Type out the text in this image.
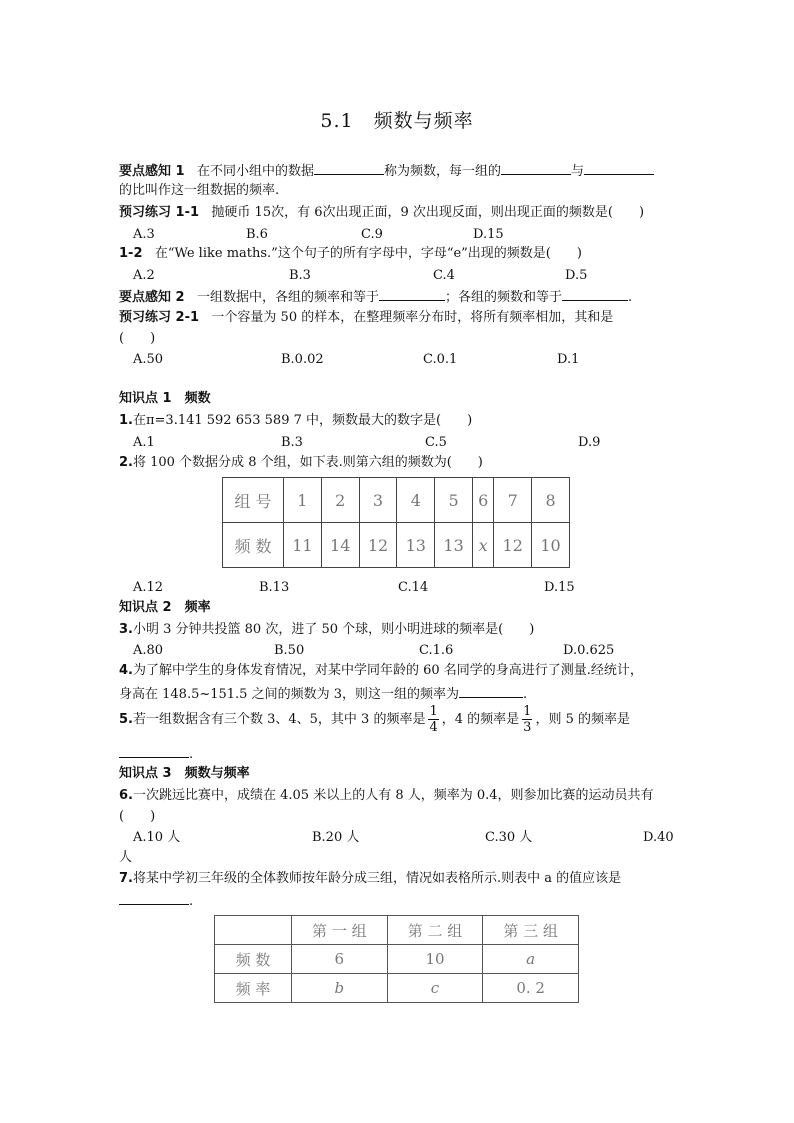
5.1　频数与频率
要点感知 1 在不同小组中的数据	称为频数，每一组的	与
的比叫作这一组数据的频率.
预习练习 1-1 抛硬币 15次，有 6次出现正面，9 次出现反面，则出现正面的频数是(　　)
A.3	B.6	C.9	D.15
1-2 在“We like maths.”这个句子的所有字母中，字母“e”出现的频数是(　　)
A.2	B.3	C.4	D.5
要点感知 2 一组数据中，各组的频率和等于	；各组的频数和等于	.
预习练习 2-1 一个容量为 50 的样本，在整理频率分布时，将所有频率相加，其和是
(　　)
A.50	B.0.02	C.0.1	D.1
知识点 1　频数
1.在π=3.141 592 653 589 7 中，频数最大的数字是(　　)
A.1	B.3	C.5	D.9
2.将 100 个数据分成 8 个组，如下表.则第六组的频数为(　　)
组 号	1	2	3	4	5	6	7	8
频 数	11	14	12	13	13	x	12	10
A.12	B.13	C.14	D.15
知识点 2　频率
3.小明 3 分钟共投篮 80 次，进了 50 个球，则小明进球的频率是(　　)
A.80	B.50	C.1.6	D.0.625
4.为了解中学生的身体发育情况，对某中学同年龄的 60 名同学的身高进行了测量.经统计，
身高在 148.5~151.5 之间的频数为 3，则这一组的频率为	.
5.若一组数据含有三个数 3、4、5，其中 3 的频率是 $\frac{1}{4}$ ，4 的频率是 $\frac{1}{3}$ ，则 5 的频率是
.
知识点 3　频数与频率
6.一次跳远比赛中，成绩在 4.05 米以上的人有 8 人，频率为 0.4，则参加比赛的运动员共有
(　　)
A.10 人	B.20 人	C.30 人	D.40
人
7.将某中学初三年级的全体教师按年龄分成三组，情况如表格所示.则表中 a 的值应该是
.
	第 一 组	第 二 组	第 三 组
频 数	6	10	a
频 率	b	c	0. 2
